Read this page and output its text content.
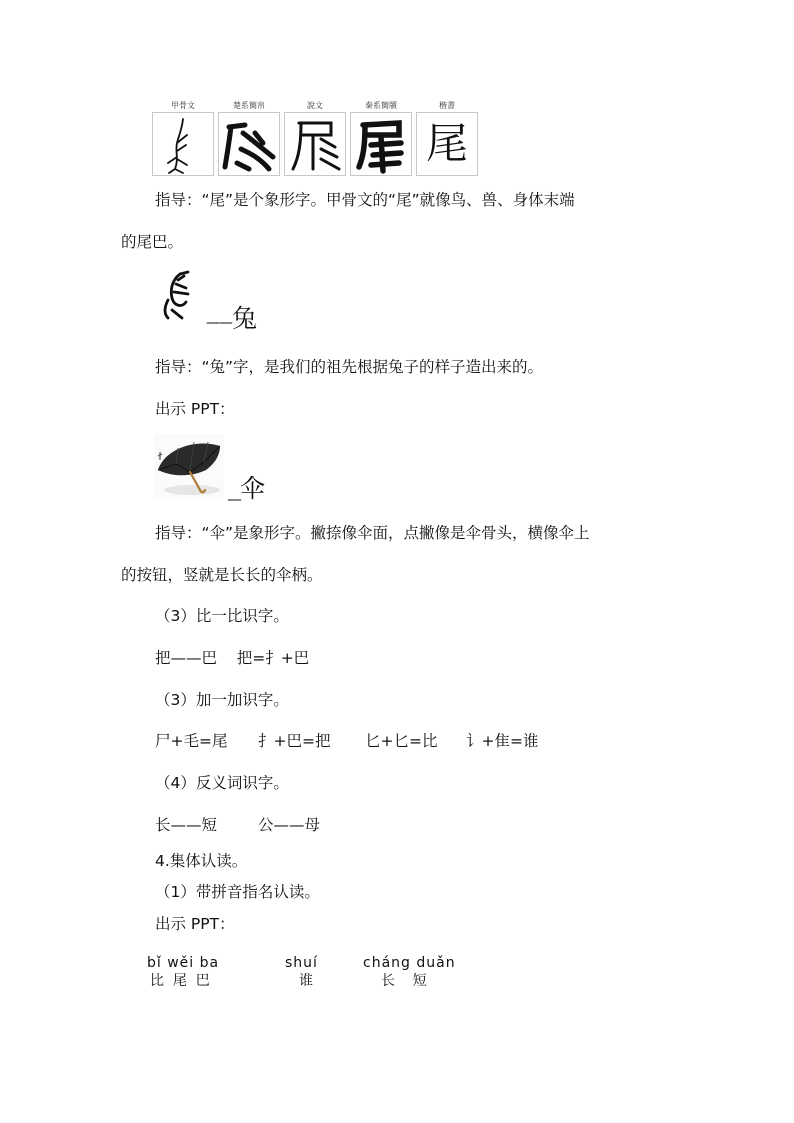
甲骨文	楚系簡帛	說文	秦系簡牘	楷書
尾
指导：“尾”是个象形字。甲骨文的“尾”就像鸟、兽、身体末端
的尾巴。
——兔
指导：“兔”字，是我们的祖先根据兔子的样子造出来的。
出示 PPT：
__伞
指导：“伞”是象形字。撇捺像伞面，点撇像是伞骨头，横像伞上
的按钮，竖就是长长的伞柄。
（3）比一比识字。
把——巴    把=扌+巴
（3）加一加识字。
尸+毛=尾 扌+巴=把 匕+匕=比 讠+隹=谁
（4）反义词识字。
长——短	公——母
4.集体认读。
（1）带拼音指名认读。
出示 PPT：
bǐ wěi ba
比  尾  巴
shuí
谁
cháng duǎn
长    短
